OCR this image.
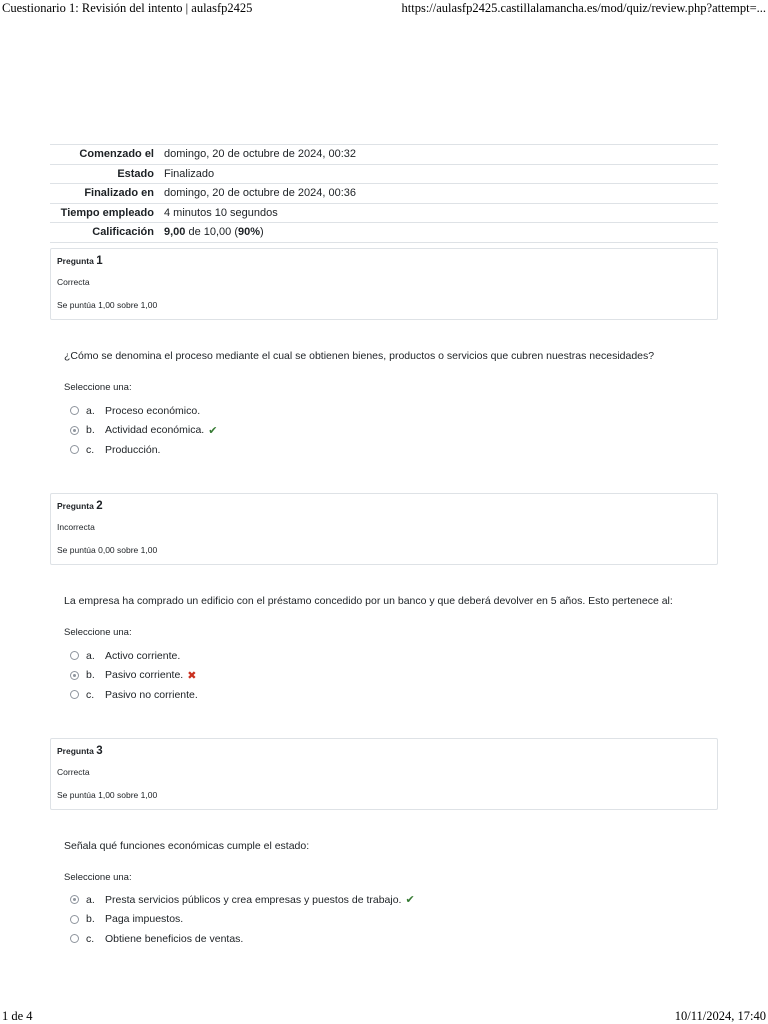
Cuestionario 1: Revisión del intento | aulasfp2425	https://aulasfp2425.castillalamancha.es/mod/quiz/review.php?attempt=...
Comenzado el	domingo, 20 de octubre de 2024, 00:32
Estado	Finalizado
Finalizado en	domingo, 20 de octubre de 2024, 00:36
Tiempo empleado	4 minutos 10 segundos
Calificación	9,00 de 10,00 (90%)
Pregunta 1
Correcta
Se puntúa 1,00 sobre 1,00
¿Cómo se denomina el proceso mediante el cual se obtienen bienes, productos o servicios que cubren nuestras necesidades?
Seleccione una:
a. Proceso económico.
b. Actividad económica. ✔
c.	Producción.
Pregunta 2
Incorrecta
Se puntúa 0,00 sobre 1,00
La empresa ha comprado un edificio con el préstamo concedido por un banco y que deberá devolver en 5 años. Esto pertenece al:
Seleccione una:
a. Activo corriente.
b. Pasivo corriente. ✖
c.	Pasivo no corriente.
Pregunta 3
Correcta
Se puntúa 1,00 sobre 1,00
Señala qué funciones económicas cumple el estado:
Seleccione una:
a. Presta servicios públicos y crea empresas y puestos de trabajo. ✔
b. Paga impuestos.
c.	Obtiene beneficios de ventas.
1 de 4	10/11/2024, 17:40
